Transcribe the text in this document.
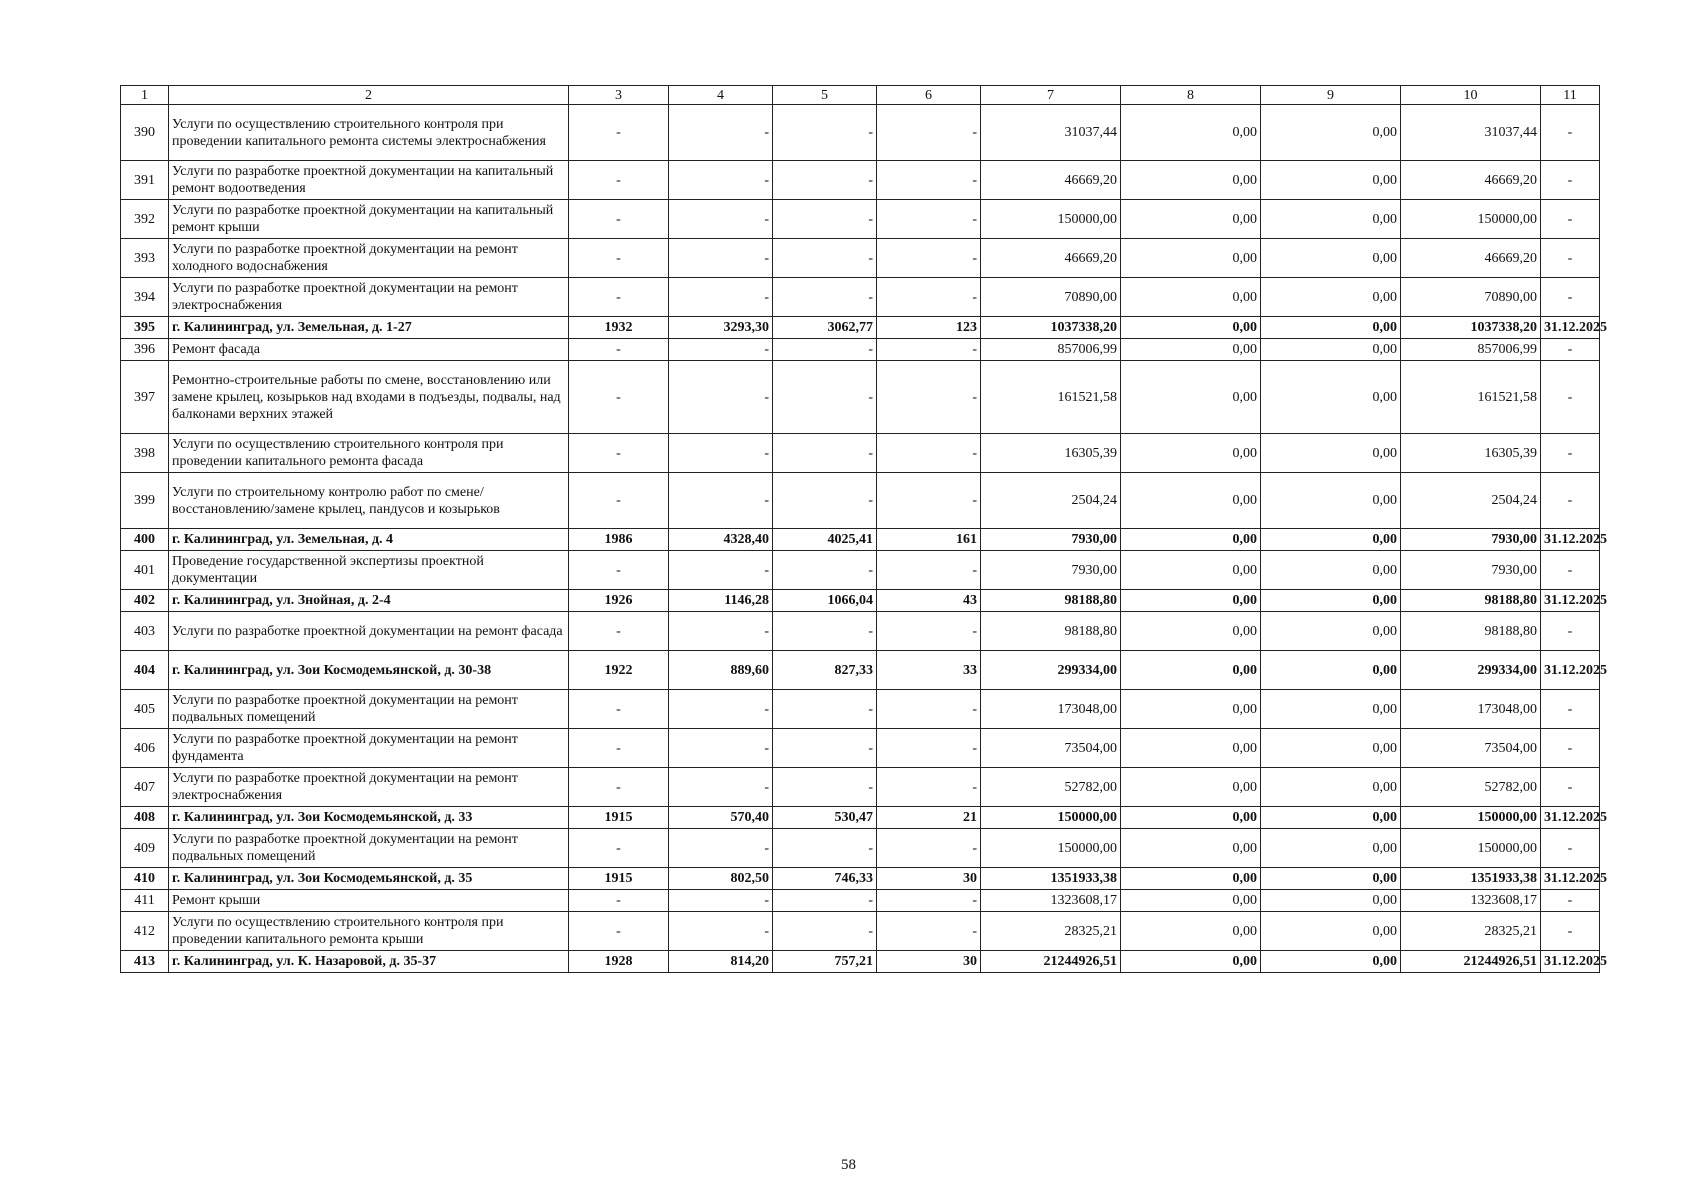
1	2	3	4	5	6	7	8	9	10	11
390	Услуги по осуществлению строительного контроля при проведении капитального ремонта системы электроснабжения	-	-	-	-	31037,44	0,00	0,00	31037,44	-
391	Услуги по разработке проектной документации на капитальный ремонт водоотведения	-	-	-	-	46669,20	0,00	0,00	46669,20	-
392	Услуги по разработке проектной документации на капитальный ремонт крыши	-	-	-	-	150000,00	0,00	0,00	150000,00	-
393	Услуги по разработке проектной документации на ремонт холодного водоснабжения	-	-	-	-	46669,20	0,00	0,00	46669,20	-
394	Услуги по разработке проектной документации на ремонт электроснабжения	-	-	-	-	70890,00	0,00	0,00	70890,00	-
395	г. Калининград, ул. Земельная, д. 1-27	1932	3293,30	3062,77	123	1037338,20	0,00	0,00	1037338,20	31.12.2025
396	Ремонт фасада	-	-	-	-	857006,99	0,00	0,00	857006,99	-
397	Ремонтно-строительные работы по смене, восстановлению или замене крылец, козырьков над входами в подъезды, подвалы, над балконами верхних этажей	-	-	-	-	161521,58	0,00	0,00	161521,58	-
398	Услуги по осуществлению строительного контроля при проведении капитального ремонта фасада	-	-	-	-	16305,39	0,00	0,00	16305,39	-
399	Услуги по строительному контролю работ по смене/восстановлению/замене крылец, пандусов и козырьков	-	-	-	-	2504,24	0,00	0,00	2504,24	-
400	г. Калининград, ул. Земельная, д. 4	1986	4328,40	4025,41	161	7930,00	0,00	0,00	7930,00	31.12.2025
401	Проведение государственной экспертизы проектной документации	-	-	-	-	7930,00	0,00	0,00	7930,00	-
402	г. Калининград, ул. Знойная, д. 2-4	1926	1146,28	1066,04	43	98188,80	0,00	0,00	98188,80	31.12.2025
403	Услуги по разработке проектной документации на ремонт фасада	-	-	-	-	98188,80	0,00	0,00	98188,80	-
404	г. Калининград, ул. Зои Космодемьянской, д. 30-38	1922	889,60	827,33	33	299334,00	0,00	0,00	299334,00	31.12.2025
405	Услуги по разработке проектной документации на ремонт подвальных помещений	-	-	-	-	173048,00	0,00	0,00	173048,00	-
406	Услуги по разработке проектной документации на ремонт фундамента	-	-	-	-	73504,00	0,00	0,00	73504,00	-
407	Услуги по разработке проектной документации на ремонт электроснабжения	-	-	-	-	52782,00	0,00	0,00	52782,00	-
408	г. Калининград, ул. Зои Космодемьянской, д. 33	1915	570,40	530,47	21	150000,00	0,00	0,00	150000,00	31.12.2025
409	Услуги по разработке проектной документации на ремонт подвальных помещений	-	-	-	-	150000,00	0,00	0,00	150000,00	-
410	г. Калининград, ул. Зои Космодемьянской, д. 35	1915	802,50	746,33	30	1351933,38	0,00	0,00	1351933,38	31.12.2025
411	Ремонт крыши	-	-	-	-	1323608,17	0,00	0,00	1323608,17	-
412	Услуги по осуществлению строительного контроля при проведении капитального ремонта крыши	-	-	-	-	28325,21	0,00	0,00	28325,21	-
413	г. Калининград, ул. К. Назаровой, д. 35-37	1928	814,20	757,21	30	21244926,51	0,00	0,00	21244926,51	31.12.2025
58
